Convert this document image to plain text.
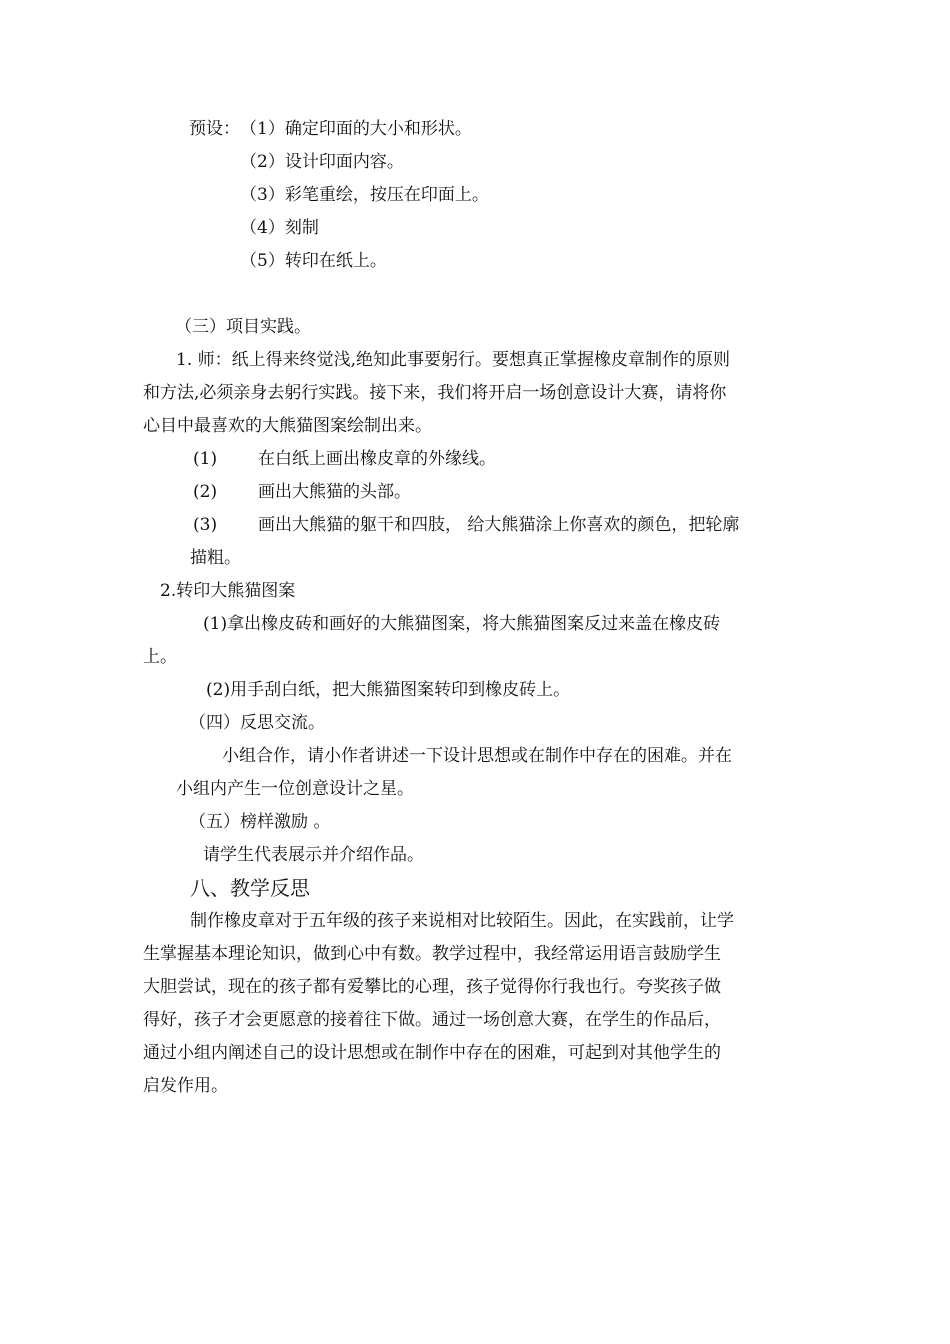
预设： （1）确定印面的大小和形状。
（2）设计印面内容。
（3）彩笔重绘，按压在印面上。
（4）刻制
（5）转印在纸上。
（三）项目实践。
1. 师：纸上得来终觉浅,绝知此事要躬行。要想真正掌握橡皮章制作的原则
和方法,必须亲身去躬行实践。接下来，我们将开启一场创意设计大赛，请将你
心目中最喜欢的大熊猫图案绘制出来。
(1) 在白纸上画出橡皮章的外缘线。
(2) 画出大熊猫的头部。
(3) 画出大熊猫的躯干和四肢， 给大熊猫涂上你喜欢的颜色，把轮廓
描粗。
2.转印大熊猫图案
(1)拿出橡皮砖和画好的大熊猫图案，将大熊猫图案反过来盖在橡皮砖
上。
(2)用手刮白纸，把大熊猫图案转印到橡皮砖上。
（四）反思交流。
小组合作，请小作者讲述一下设计思想或在制作中存在的困难。并在
小组内产生一位创意设计之星。
（五）榜样激励 。
请学生代表展示并介绍作品。
八、教学反思
制作橡皮章对于五年级的孩子来说相对比较陌生。因此，在实践前，让学
生掌握基本理论知识，做到心中有数。教学过程中，我经常运用语言鼓励学生
大胆尝试，现在的孩子都有爱攀比的心理，孩子觉得你行我也行。夸奖孩子做
得好，孩子才会更愿意的接着往下做。通过一场创意大赛，在学生的作品后，
通过小组内阐述自己的设计思想或在制作中存在的困难，可起到对其他学生的
启发作用。
